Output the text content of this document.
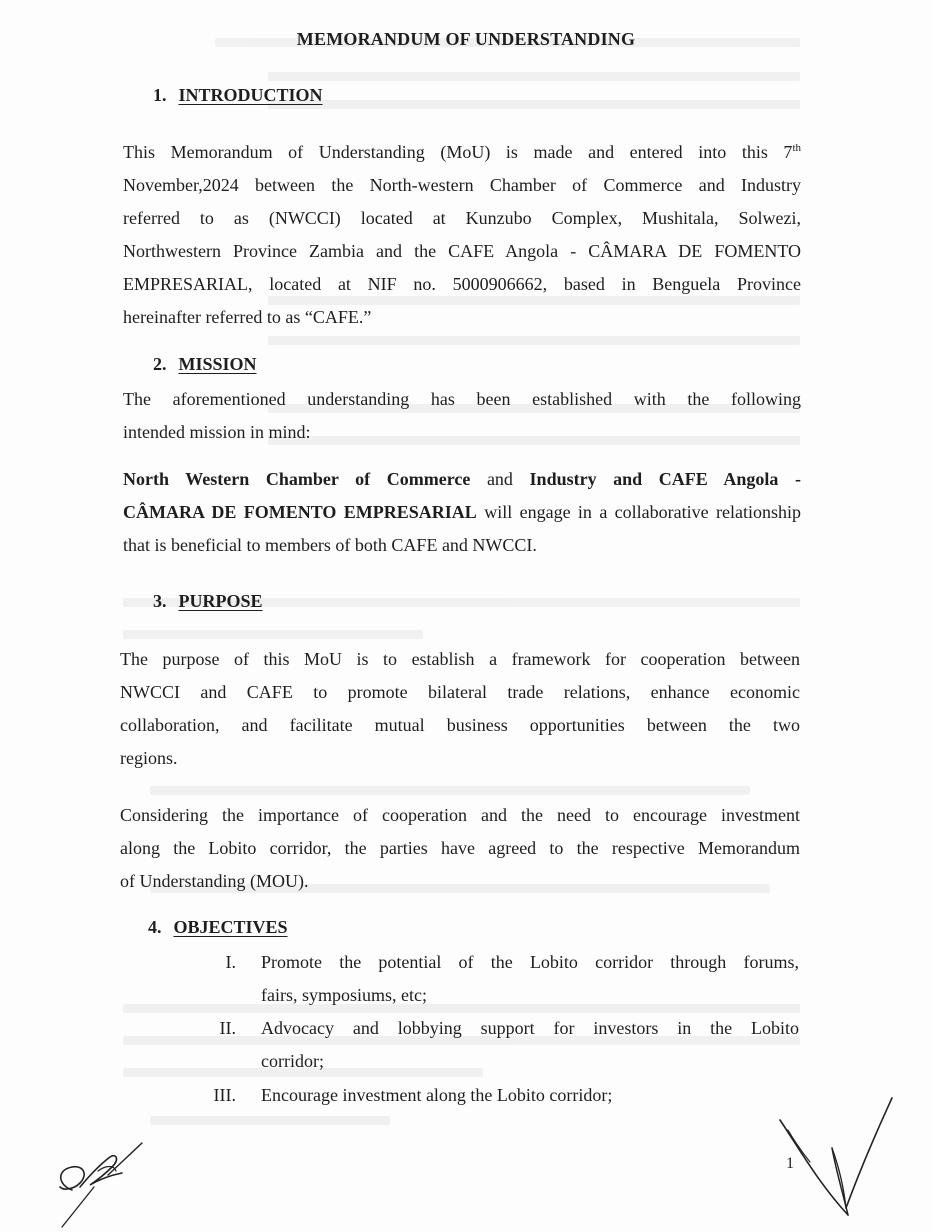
MEMORANDUM OF UNDERSTANDING
1. INTRODUCTION
This Memorandum of Understanding (MoU) is made and entered into this 7th
November,2024 between the North-western Chamber of Commerce and Industry
referred to as (NWCCI) located at Kunzubo Complex, Mushitala, Solwezi,
Northwestern Province Zambia and the CAFE Angola - CÂMARA DE FOMENTO
EMPRESARIAL, located at NIF no. 5000906662, based in Benguela Province
hereinafter referred to as “CAFE.”
2. MISSION
The aforementioned understanding has been established with the following
intended mission in mind:
North Western Chamber of Commerce and Industry and CAFE Angola -
CÂMARA DE FOMENTO EMPRESARIAL will engage in a collaborative relationship
that is beneficial to members of both CAFE and NWCCI.
3. PURPOSE
The purpose of this MoU is to establish a framework for cooperation between
NWCCI and CAFE to promote bilateral trade relations, enhance economic
collaboration, and facilitate mutual business opportunities between the two
regions.
Considering the importance of cooperation and the need to encourage investment
along the Lobito corridor, the parties have agreed to the respective Memorandum
of Understanding (MOU).
4. OBJECTIVES
I. Promote the potential of the Lobito corridor through forums,
fairs, symposiums, etc;
II. Advocacy and lobbying support for investors in the Lobito
corridor;
III. Encourage investment along the Lobito corridor;
1
